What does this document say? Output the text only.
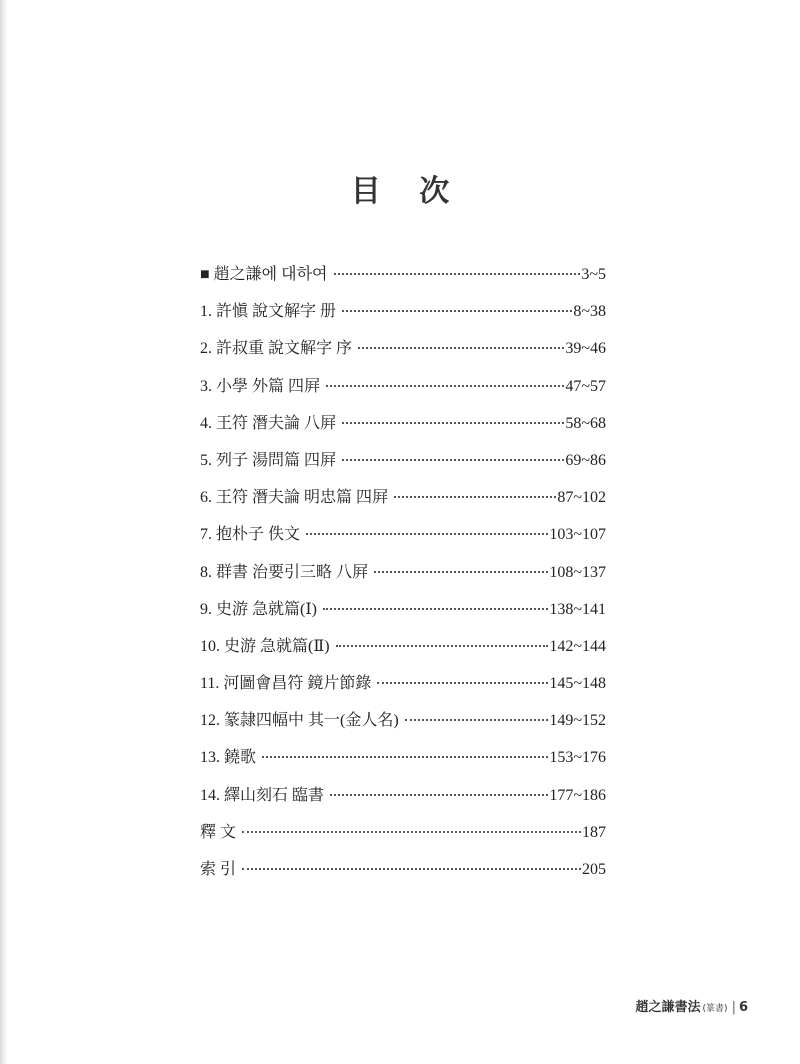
目 次
■ 趙之謙에 대하여	3~5
1. 許愼 說文解字 册	8~38
2. 許叔重 說文解字 序	39~46
3. 小學 外篇 四屛	47~57
4. 王符 潛夫論 八屛	58~68
5. 列子 湯問篇 四屛	69~86
6. 王符 潛夫論 明忠篇 四屛	87~102
7. 抱朴子 佚文	103~107
8. 群書 治要引三略 八屛	108~137
9. 史游 急就篇(Ⅰ)	138~141
10. 史游 急就篇(Ⅱ)	142~144
11. 河圖會昌符 鏡片節錄	145~148
12. 篆隷四幅中 其一(金人名)	149~152
13. 鐃歌	153~176
14. 繹山刻石 臨書	177~186
釋 文	187
索 引	205
趙之謙書法 (篆書) | 6
